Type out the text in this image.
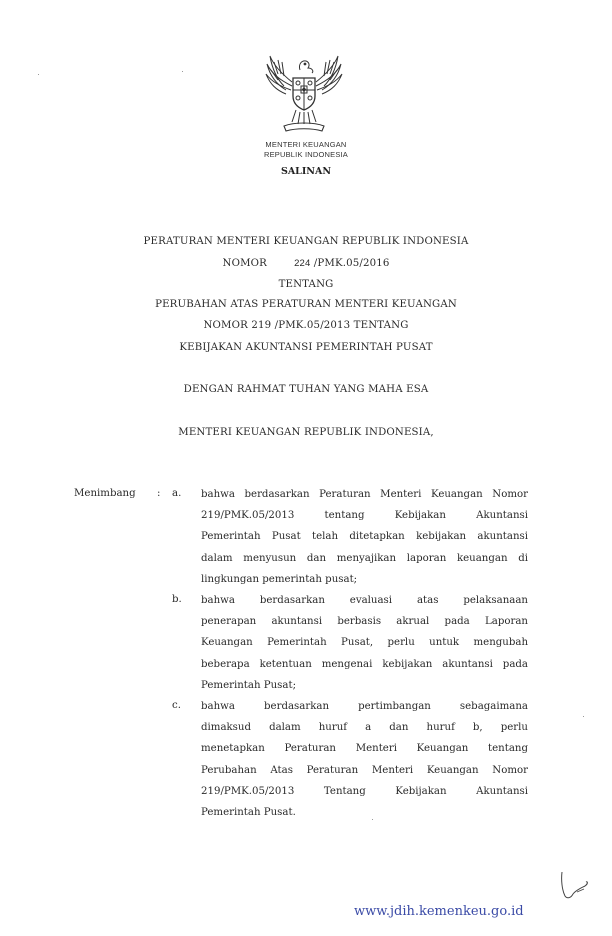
MENTERI KEUANGAN
REPUBLIK INDONESIA
SALINAN
PERATURAN MENTERI KEUANGAN REPUBLIK INDONESIA
NOMOR	224 /PMK.05/2016
TENTANG
PERUBAHAN ATAS PERATURAN MENTERI KEUANGAN
NOMOR 219 /PMK.05/2013 TENTANG
KEBIJAKAN AKUNTANSI PEMERINTAH PUSAT
DENGAN RAHMAT TUHAN YANG MAHA ESA
MENTERI KEUANGAN REPUBLIK INDONESIA,
Menimbang : a. bahwa berdasarkan Peraturan Menteri Keuangan Nomor
219/PMK.05/2013 tentang Kebijakan Akuntansi
Pemerintah Pusat telah ditetapkan kebijakan akuntansi
dalam menyusun dan menyajikan laporan keuangan di
lingkungan pemerintah pusat;
b. bahwa berdasarkan evaluasi atas pelaksanaan
penerapan akuntansi berbasis akrual pada Laporan
Keuangan Pemerintah Pusat, perlu untuk mengubah
beberapa ketentuan mengenai kebijakan akuntansi pada
Pemerintah Pusat;
c. bahwa berdasarkan pertimbangan sebagaimana
dimaksud dalam huruf a dan huruf b, perlu
menetapkan Peraturan Menteri Keuangan tentang
Perubahan Atas Peraturan Menteri Keuangan Nomor
219/PMK.05/2013 Tentang Kebijakan Akuntansi
Pemerintah Pusat.
www.jdih.kemenkeu.go.id
